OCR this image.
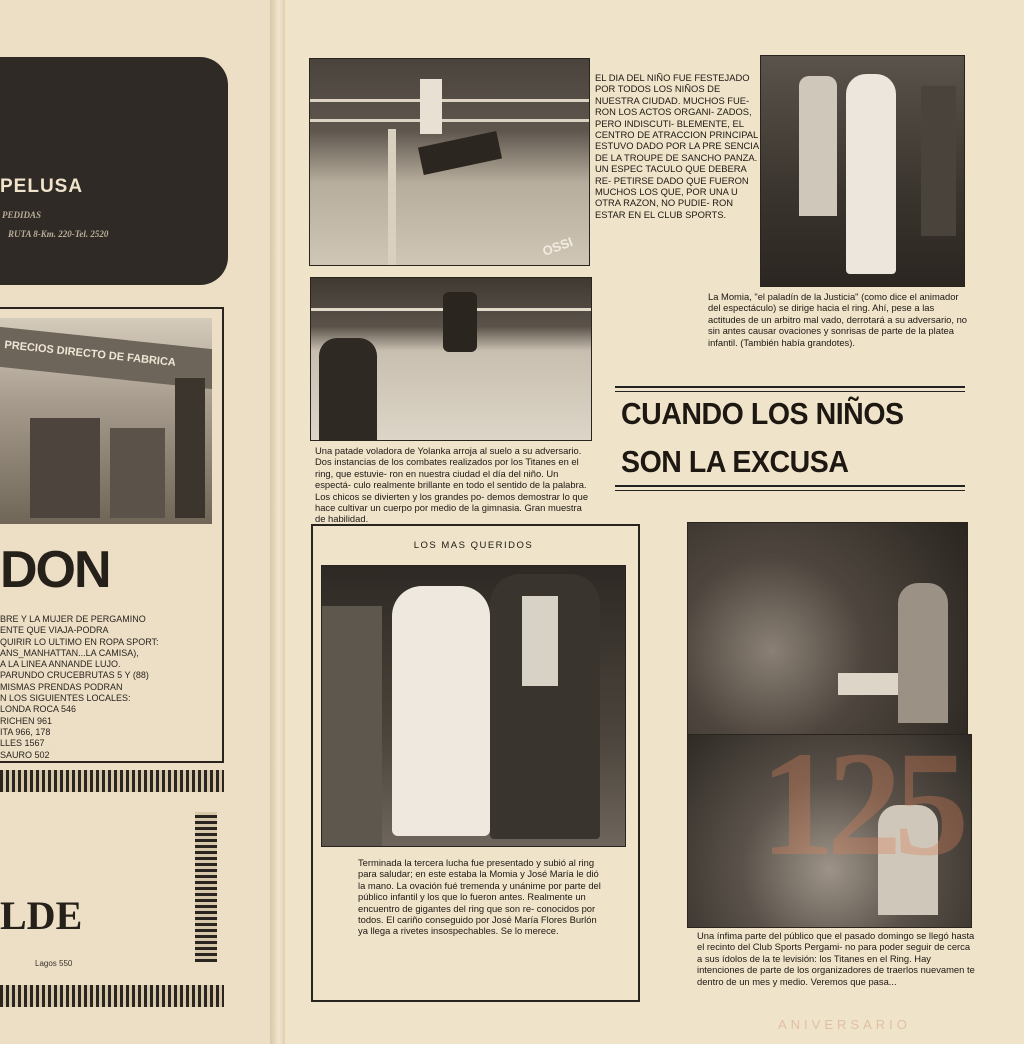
PELUSA
PEDIDAS
RUTA 8-Km. 220-Tel. 2520
PRECIOS DIRECTO DE FABRICA
DON
BRE Y LA MUJER DE PERGAMINO
ENTE QUE VIAJA-PODRA
QUIRIR LO ULTIMO EN ROPA SPORT:
ANS_MANHATTAN...LA CAMISA),
A LA LINEA ANNANDE LUJO.
PARUNDO CRUCEBRUTAS 5 Y (88)
MISMAS PRENDAS PODRAN
N LOS SIGUIENTES LOCALES:
LONDA ROCA 546
RICHEN 961
ITA 966, 178
LLES 1567
SAURO 502
LDE
Lagos 550
OSSI
EL DIA DEL NIÑO FUE FESTEJADO POR TODOS LOS NIÑOS DE NUESTRA CIUDAD. MUCHOS FUE- RON LOS ACTOS ORGANI- ZADOS, PERO INDISCUTI- BLEMENTE, EL CENTRO DE ATRACCION PRINCIPAL ESTUVO DADO POR LA PRE SENCIA DE LA TROUPE DE SANCHO PANZA. UN ESPEC TACULO QUE DEBERA RE- PETIRSE DADO QUE FUERON MUCHOS LOS QUE, POR UNA U OTRA RAZON, NO PUDIE- RON ESTAR EN EL CLUB SPORTS.
La Momia, "el paladín de la Justicia" (como dice el animador del espectáculo) se dirige hacia el ring. Ahí, pese a las actitudes de un arbitro mal vado, derrotará a su adversario, no sin antes causar ovaciones y sonrisas de parte de la platea infantil. (También había grandotes).
Una patade voladora de Yolanka arroja al suelo a su adversario. Dos instancias de los combates realizados por los Titanes en el ring, que estuvie- ron en nuestra ciudad el día del niño. Un espectá- culo realmente brillante en todo el sentido de la palabra. Los chicos se divierten y los grandes po- demos demostrar lo que hace cultivar un cuerpo por medio de la gimnasia. Gran muestra de habilidad.
CUANDO LOS NIÑOS
SON LA EXCUSA
LOS MAS QUERIDOS
Terminada la tercera lucha fue presentado y subió al ring para saludar; en este estaba la Momia y José María le dió la mano. La ovación fué tremenda y unánime por parte del público infantil y los que lo fueron antes. Realmente un encuentro de gigantes del ring que son re- conocidos por todos. El cariño conseguido por José María Flores Burlón ya llega a rivetes insospechables. Se lo merece.	Una ínfima parte del público que el pasado domingo se llegó hasta el recinto del Club Sports Pergami- no para poder seguir de cerca a sus ídolos de la te levisión: los Titanes en el Ring. Hay intenciones de parte de los organizadores de traerlos nuevamen te dentro de un mes y medio. Veremos que pasa...
125
ANIVERSARIO
